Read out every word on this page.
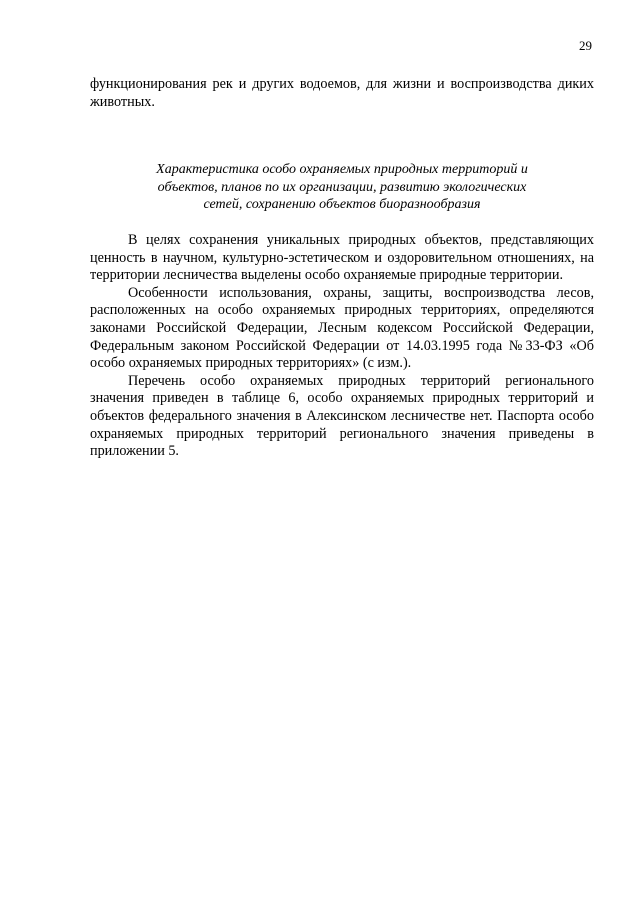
29

функционирования рек и других водоемов, для жизни и воспроизводства диких животных.

Характеристика особо охраняемых природных территорий и
объектов, планов по их организации, развитию экологических
сетей, сохранению объектов биоразнообразия

В целях сохранения уникальных природных объектов, представляющих ценность в научном, культурно-эстетическом и оздоровительном отношениях, на территории лесничества выделены особо охраняемые природные территории.

Особенности использования, охраны, защиты, воспроизводства лесов, расположенных на особо охраняемых природных территориях, определяются законами Российской Федерации, Лесным кодексом Российской Федерации, Федеральным законом Российской Федерации от 14.03.1995 года №33-ФЗ «Об особо охраняемых природных территориях» (с изм.).

Перечень особо охраняемых природных территорий регионального значения приведен в таблице 6, особо охраняемых природных территорий и объектов федерального значения в Алексинском лесничестве нет. Паспорта особо охраняемых природных территорий регионального значения приведены в приложении 5.
